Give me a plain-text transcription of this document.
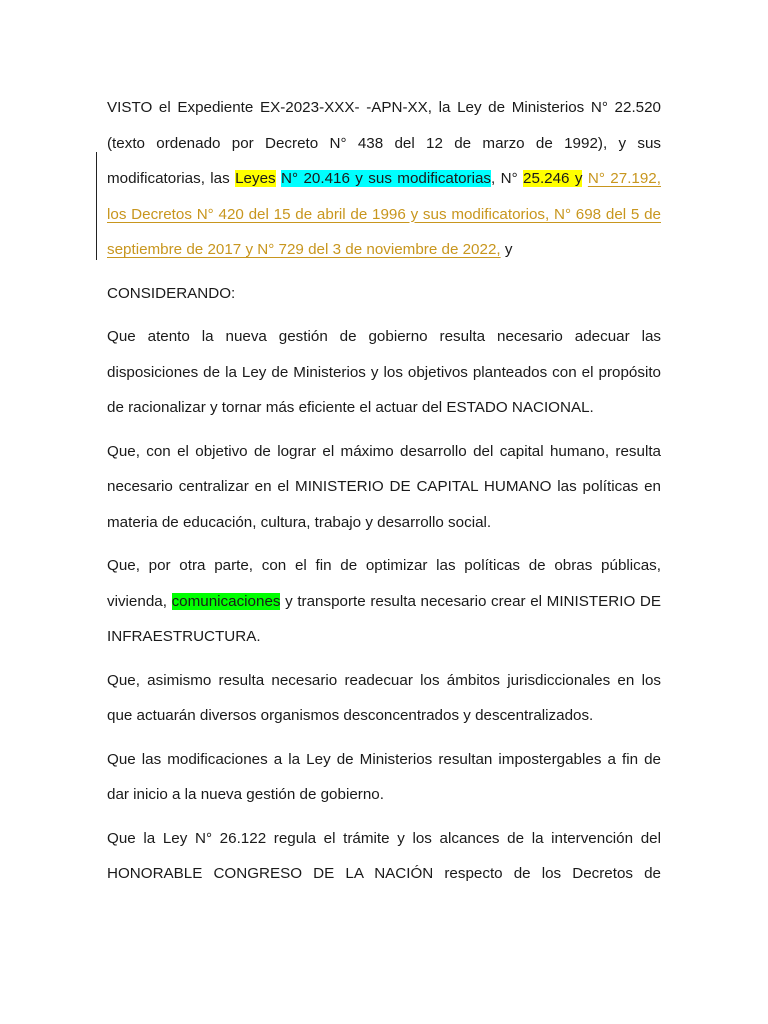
VISTO el Expediente EX-2023-XXX- -APN-XX, la Ley de Ministerios N° 22.520 (texto ordenado por Decreto N° 438 del 12 de marzo de 1992), y sus modificatorias, las Leyes N° 20.416 y sus modificatorias, N° 25.246 y N° 27.192, los Decretos N° 420 del 15 de abril de 1996 y sus modificatorios, N° 698 del 5 de septiembre de 2017 y N° 729 del 3 de noviembre de 2022, y

CONSIDERANDO:

Que atento la nueva gestión de gobierno resulta necesario adecuar las disposiciones de la Ley de Ministerios y los objetivos planteados con el propósito de racionalizar y tornar más eficiente el actuar del ESTADO NACIONAL.

Que, con el objetivo de lograr el máximo desarrollo del capital humano, resulta necesario centralizar en el MINISTERIO DE CAPITAL HUMANO las políticas en materia de educación, cultura, trabajo y desarrollo social.

Que, por otra parte, con el fin de optimizar las políticas de obras públicas, vivienda, comunicaciones y transporte resulta necesario crear el MINISTERIO DE INFRAESTRUCTURA.

Que, asimismo resulta necesario readecuar los ámbitos jurisdiccionales en los que actuarán diversos organismos desconcentrados y descentralizados.

Que las modificaciones a la Ley de Ministerios resultan impostergables a fin de dar inicio a la nueva gestión de gobierno.

Que la Ley N° 26.122 regula el trámite y los alcances de la intervención del HONORABLE CONGRESO DE LA NACIÓN respecto de los Decretos de
